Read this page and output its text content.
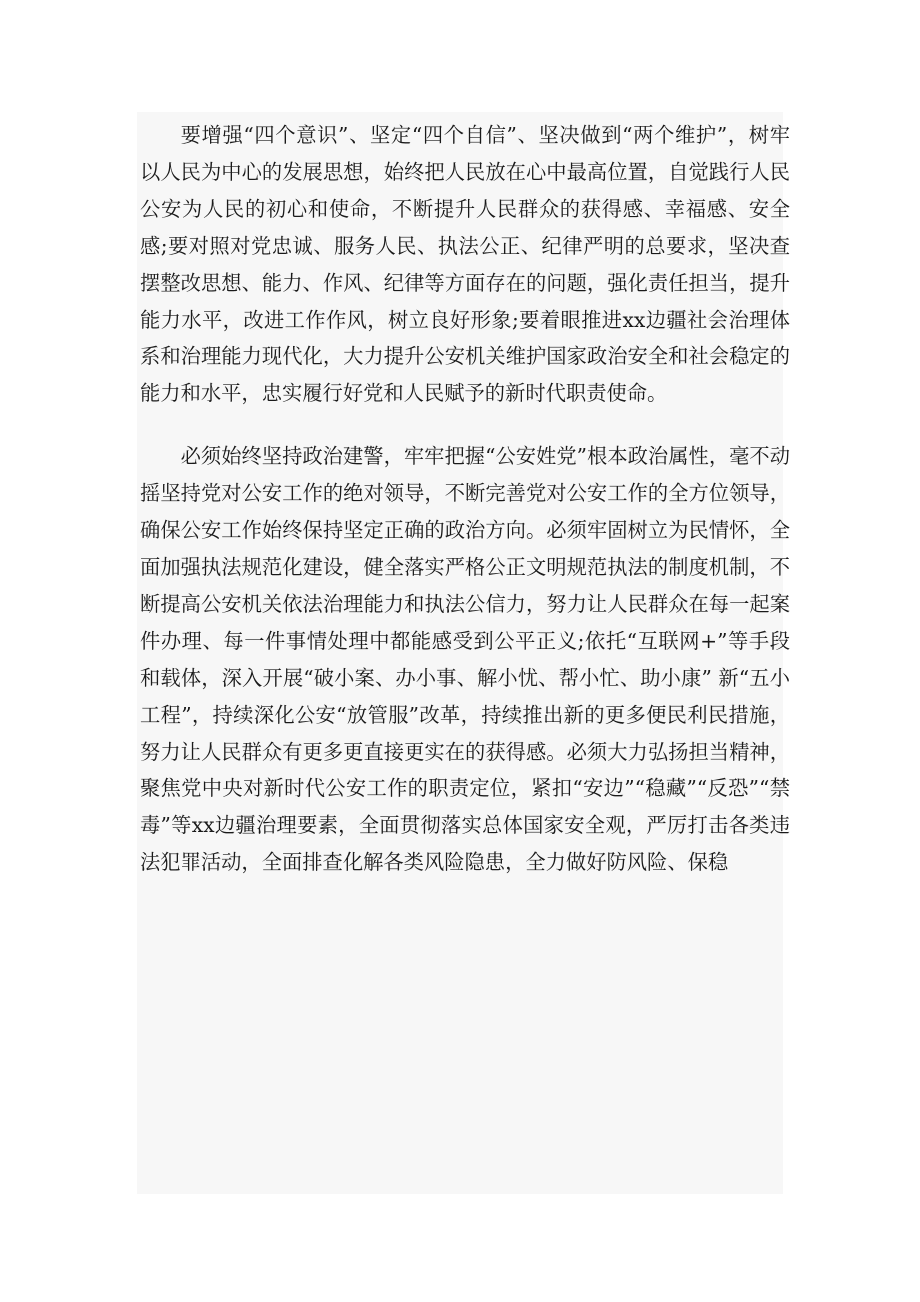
要增强“四个意识”、坚定“四个自信”、坚决做到“两个维护”，树牢以人民为中心的发展思想，始终把人民放在心中最高位置，自觉践行人民公安为人民的初心和使命，不断提升人民群众的获得感、幸福感、安全感;要对照对党忠诚、服务人民、执法公正、纪律严明的总要求，坚决查摆整改思想、能力、作风、纪律等方面存在的问题，强化责任担当，提升能力水平，改进工作作风，树立良好形象;要着眼推进xx边疆社会治理体系和治理能力现代化，大力提升公安机关维护国家政治安全和社会稳定的能力和水平，忠实履行好党和人民赋予的新时代职责使命。

必须始终坚持政治建警，牢牢把握“公安姓党”根本政治属性，毫不动摇坚持党对公安工作的绝对领导，不断完善党对公安工作的全方位领导，确保公安工作始终保持坚定正确的政治方向。必须牢固树立为民情怀，全面加强执法规范化建设，健全落实严格公正文明规范执法的制度机制，不断提高公安机关依法治理能力和执法公信力，努力让人民群众在每一起案件办理、每一件事情处理中都能感受到公平正义;依托“互联网+”等手段和载体，深入开展“破小案、办小事、解小忧、帮小忙、助小康” 新“五小工程”，持续深化公安“放管服”改革，持续推出新的更多便民利民措施，努力让人民群众有更多更直接更实在的获得感。必须大力弘扬担当精神，聚焦党中央对新时代公安工作的职责定位，紧扣“安边”“稳藏”“反恐”“禁毒”等xx边疆治理要素，全面贯彻落实总体国家安全观，严厉打击各类违法犯罪活动，全面排查化解各类风险隐患，全力做好防风险、保稳
